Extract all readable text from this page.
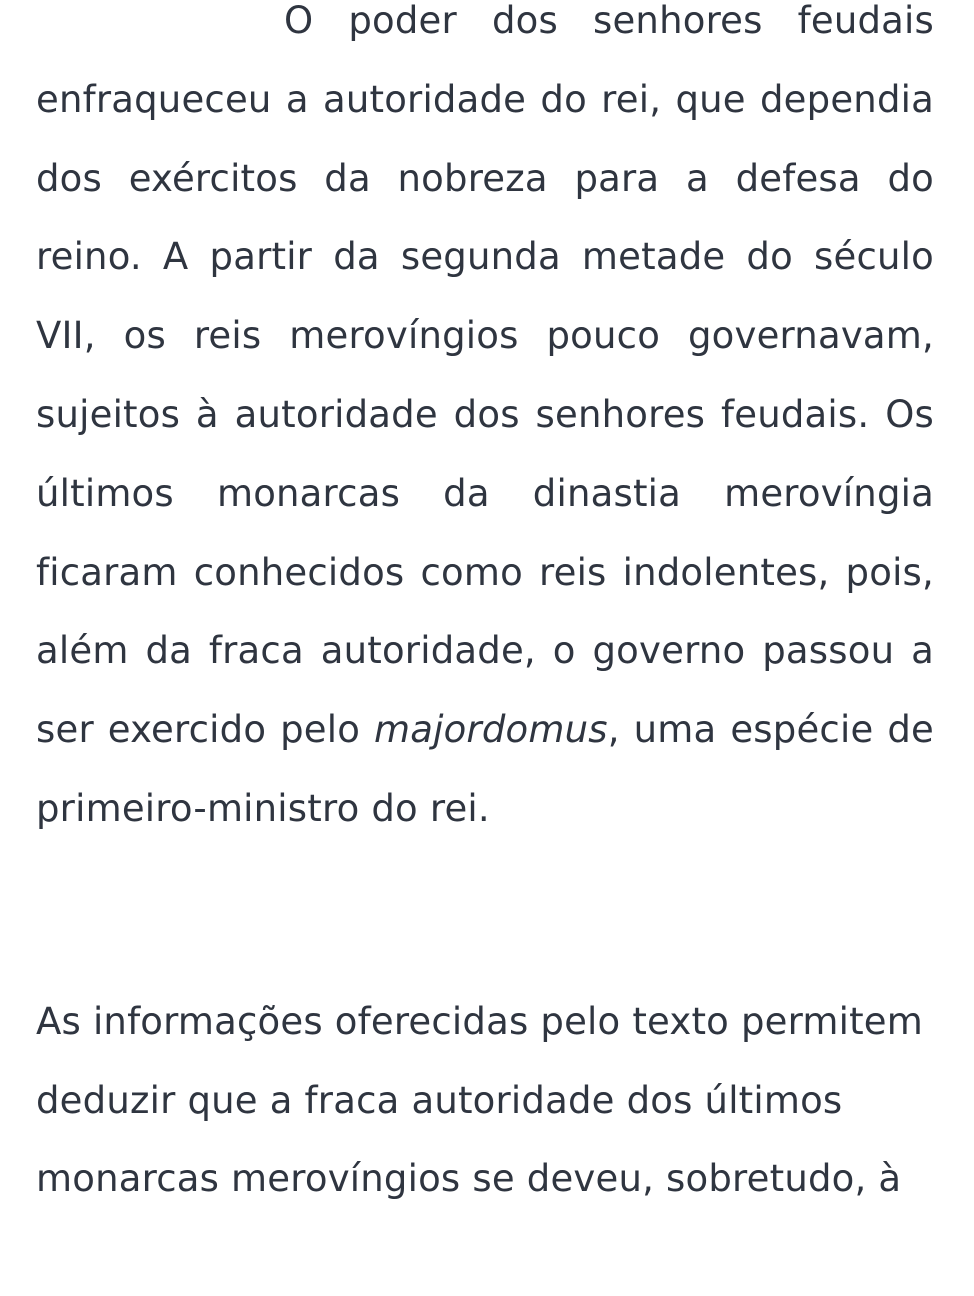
O poder dos senhores feudais enfraqueceu a autoridade do rei, que dependia dos exércitos da nobreza para a defesa do reino. A partir da segunda metade do século VII, os reis merovíngios pouco governavam, sujeitos à autoridade dos senhores feudais. Os últimos monarcas da dinastia merovíngia ficaram conhecidos como reis indolentes, pois, além da fraca autoridade, o governo passou a ser exercido pelo majordomus, uma espécie de primeiro-ministro do rei.

As informações oferecidas pelo texto permitem deduzir que a fraca autoridade dos últimos monarcas merovíngios se deveu, sobretudo, à
